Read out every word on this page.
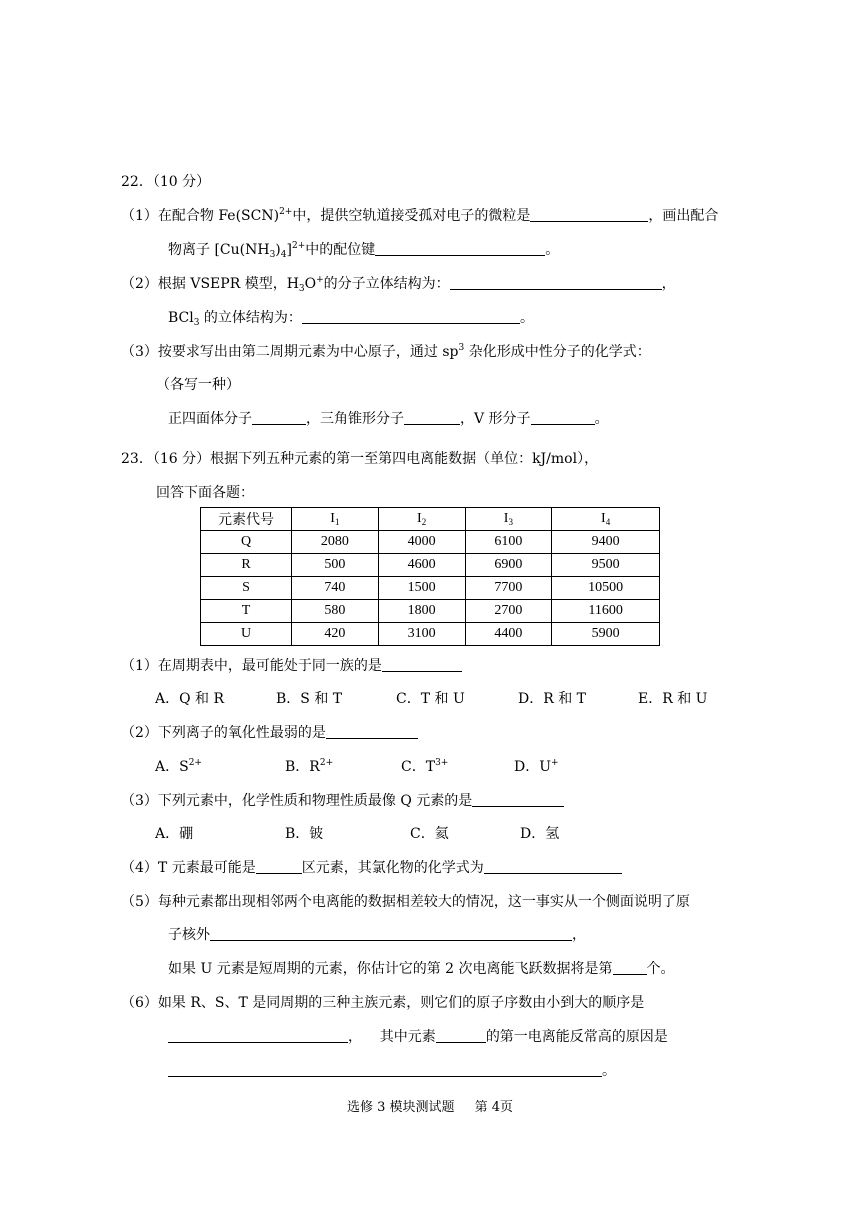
22．（10 分）
（1）在配合物 Fe(SCN)$^{2+}$中，提供空轨道接受孤对电子的微粒是	，画出配合
物离子 $[Cu(NH_3)_4]^{2+}$中的配位键	。
（2）根据 VSEPR 模型，$H_3O^+$的分子立体结构为：	，
BCl$_3$ 的立体结构为：	。
（3）按要求写出由第二周期元素为中心原子，通过 $sp^3$ 杂化形成中性分子的化学式：
（各写一种）
正四面体分子	，三角锥形分子	，V 形分子	。
23．（16 分）根据下列五种元素的第一至第四电离能数据（单位：kJ/mol），
回答下面各题：
元素代号	$I_1$	$I_2$	$I_3$	$I_4$
Q	2080	4000	6100	9400
R	500	4600	6900	9500
S	740	1500	7700	10500
T	580	1800	2700	11600
U	420	3100	4400	5900
（1）在周期表中，最可能处于同一族的是
A．Q 和 R	B．S 和 T	C．T 和 U	D．R 和 T	E．R 和 U
（2）下列离子的氧化性最弱的是
A．$S^{2+}$	B．$R^{2+}$	C．$T^{3+}$	D．U+
（3）下列元素中，化学性质和物理性质最像 Q 元素的是
A．硼	B．铍	C．氦	D．氢
（4）T 元素最可能是	区元素，其氯化物的化学式为
（5）每种元素都出现相邻两个电离能的数据相差较大的情况，这一事实从一个侧面说明了原
子核外	，
如果 U 元素是短周期的元素，你估计它的第 2 次电离能飞跃数据将是第 个。
（6）如果 R、S、T 是同周期的三种主族元素，则它们的原子序数由小到大的顺序是
，    其中元素	的第一电离能反常高的原因是
。
选修 3 模块测试题 第 4页
